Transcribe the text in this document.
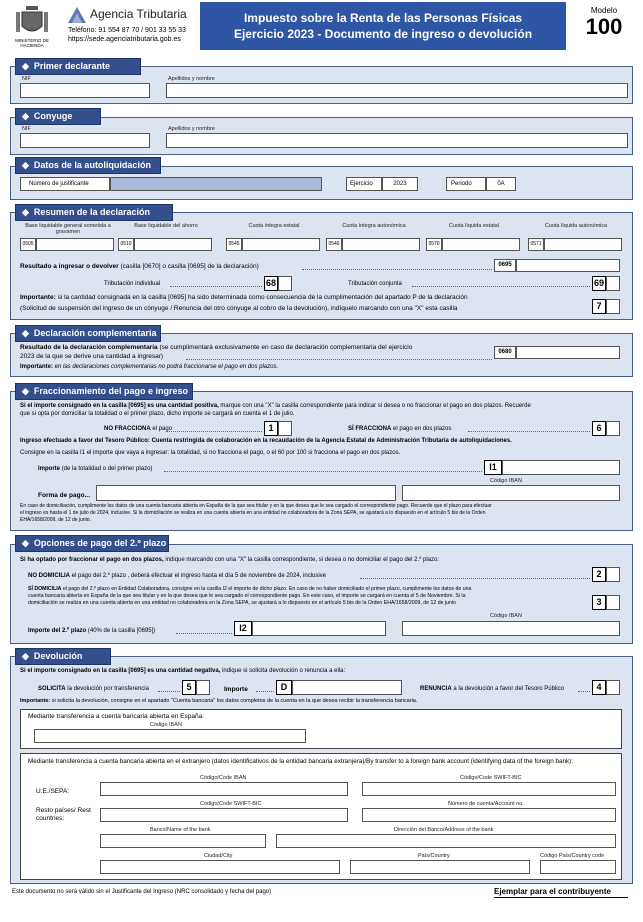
MINISTERIO DE HACIENDA
Agencia Tributaria
Teléfono: 91 554 87 70 / 901 33 55 33
https://sede.agenciatributaria.gob.es
Impuesto sobre la Renta de las Personas Físicas
Ejercicio 2023 - Documento de ingreso o devolución
Modelo
100
◆ Primer declarante
NIF	Apellidos y nombre
◆ Conyuge
NIF	Apellidos y nombre
◆ Datos de la autoliquidación
Número de justificante	Ejercicio	2023	Periodo	0A
◆ Resumen de la declaración
Base liquidable general sometida a gravamen
0505
Base liquidable del ahorro
0510
Cuota íntegra estatal
0545
Cuota íntegra autonómica
0546
Cuota líquida estatal
0570
Cuota líquida autonómica
0571
Resultado a ingresar o devolver (casilla [0670] o casilla [0695] de la declaración)	0695
Tributación individual	68	Tributación conjunta	69
Importante: si la cantidad consignada en la casilla [0695] ha sido determinada como consecuencia de la cumplimentación del apartado P de la declaración
(Solicitud de suspensión del ingreso de un cónyuge / Renuncia del otro cónyuge al cobro de la devolución), indíquelo marcando con una "X" esta casilla	7
◆ Declaración complementaria
Resultado de la declaración complementaria (se cumplimentará exclusivamente en caso de declaración complementaria del ejercicio
2023 de la que se derive una cantidad a ingresar)
0680
Importante: en las declaraciones complementarias no podrá fraccionarse el pago en dos plazos.
◆ Fraccionamiento del pago e ingreso
Si el importe consignado en la casilla [0695] es una cantidad positiva, marque con una "X" la casilla correspondiente para indicar si desea o no fraccionar el pago en dos plazos. Recuerde
que si opta por domiciliar la totalidad o el primer plazo, dicho importe se cargará en cuenta el 1 de julio.
NO FRACCIONA el pago	1	SÍ FRACCIONA el pago en dos plazos	6
Ingreso efectuado a favor del Tesoro Público: Cuenta restringida de colaboración en la recaudación de la Agencia Estatal de Administración Tributaria de autoliquidaciones.
Consigne en la casilla I1 el importe que vaya a ingresar: la totalidad, si no fracciona el pago, o el 60 por 100 si fracciona el pago en dos plazos.
Importe (de la totalidad o del primer plazo)	I1
Código IBAN
Forma de pago...
En caso de domiciliación, cumplimente los datos de una cuenta bancaria abierta en España de la que sea titular y en la que desea que le sea cargado el correspondiente pago. Recuerde que el plazo para efectuar
el ingreso es hasta el 1 de julio de 2024, inclusive. Si la domiciliación se realiza en una cuenta abierta en una entidad no colaboradora de la Zona SEPA, se ajustará a lo dispuesto en el artículo 5 bis de la Orden
EHA/1658/2009, de 12 de junio.
◆ Opciones de pago del 2.º plazo
Si ha optado por fraccionar el pago en dos plazos, indique marcando con una "X" la casilla correspondiente, si desea o no domiciliar el pago del 2.º plazo:
NO DOMICILIA el pago del 2.º plazo , deberá efectuar el ingreso hasta el día 5 de noviembre de 2024, inclusive	2
SÍ DOMICILIA el pago del 2.º plazo en Entidad Colaboradora, consigne en la casilla I2 el importe de dicho plazo. En caso de no haber domiciliado el primer plazo, cumplimente los datos de una
cuenta bancaria abierta en España de la que sea titular y en la que desea que le sea cargado el correspondiente pago. En este caso, el importe se cargará en cuenta el 5 de Noviembre. Si la
domiciliación se realiza en una cuenta abierta en una entidad no colaboradora en la Zona SEPA, se ajustará a lo dispuesto en el artículo 5 bis de la Orden EHA/1658/2009, de 12 de junio	3
Código IBAN
Importe del 2.º plazo (40% de la casilla [0695])	I2
◆ Devolución
Si el importe consignado en la casilla [0695] es una cantidad negativa, indique si solicita devolución o renuncia a ella:
SOLICITA la devolución por transferencia	5	Importe	D	RENUNCIA a la devolución a favor del Tesoro Público	4
Importante: si solicita la devolución, consigne en el apartado "Cuenta bancaria" los datos completos de la cuenta en la que desea recibir la transferencia bancaria.
Mediante transferencia a cuenta bancaria abierta en España:
Código IBAN
Mediante transferencia a cuenta bancaria abierta en el extranjero (datos identificativos de la entidad bancaria extranjera)/By transfer to a foreign bank account (identifying data of the foreign bank):
Código/Code IBAN	Código/Code SWIFT-BIC
U.E./SEPA:
Código/Code SWIFT-BIC	Número de cuenta/Account no.
Resto países/ Rest countries:
Banco/Name of the bank	Dirección del Banco/Address of the bank
Ciudad/City	País/Country	Código País/Country code
Este documento no será válido sin el Justificante del Ingreso (NRC consolidado y fecha del pago)	Ejemplar para el contribuyente
